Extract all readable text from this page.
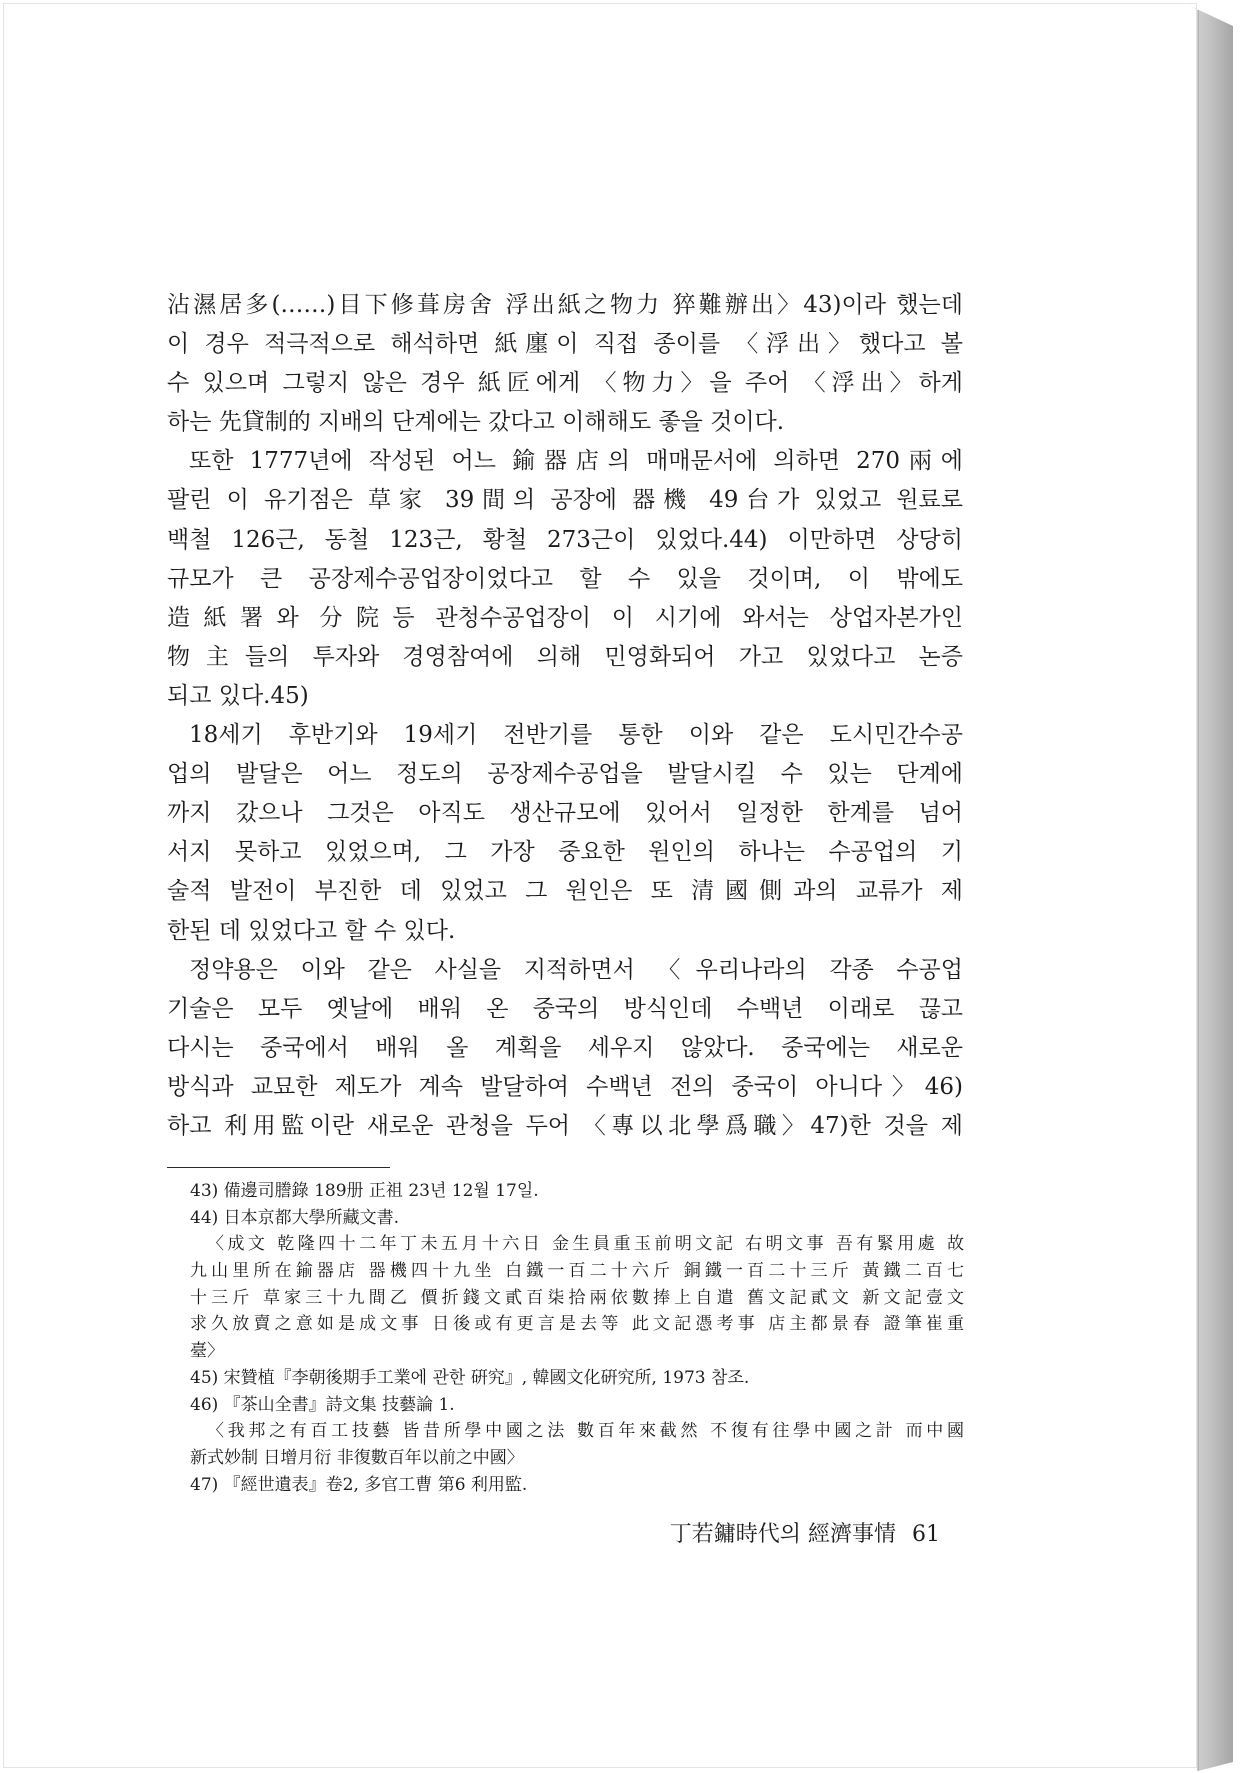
沾濕居多(……)目下修葺房舍 浮出紙之物力 猝難辦出〉43)이라 했는데
이 경우 적극적으로 해석하면 紙廛이 직접 종이를 〈浮出〉했다고 볼
수 있으며 그렇지 않은 경우 紙匠에게 〈物力〉을 주어 〈浮出〉하게
하는 先貸制的 지배의 단계에는 갔다고 이해해도 좋을 것이다.
또한 1777년에 작성된 어느 鍮器店의 매매문서에 의하면 270兩에
팔린 이 유기점은 草家 39間의 공장에 器機 49台가 있었고 원료로
백철 126근, 동철 123근, 황철 273근이 있었다.44) 이만하면 상당히
규모가 큰 공장제수공업장이었다고 할 수 있을 것이며, 이 밖에도
造紙署와 分院등 관청수공업장이 이 시기에 와서는 상업자본가인
物主들의 투자와 경영참여에 의해 민영화되어 가고 있었다고 논증
되고 있다.45)
18세기 후반기와 19세기 전반기를 통한 이와 같은 도시민간수공
업의 발달은 어느 정도의 공장제수공업을 발달시킬 수 있는 단계에
까지 갔으나 그것은 아직도 생산규모에 있어서 일정한 한계를 넘어
서지 못하고 있었으며, 그 가장 중요한 원인의 하나는 수공업의 기
술적 발전이 부진한 데 있었고 그 원인은 또 清國側과의 교류가 제
한된 데 있었다고 할 수 있다.
정약용은 이와 같은 사실을 지적하면서 〈우리나라의 각종 수공업
기술은 모두 옛날에 배워 온 중국의 방식인데 수백년 이래로 끊고
다시는 중국에서 배워 올 계획을 세우지 않았다. 중국에는 새로운
방식과 교묘한 제도가 계속 발달하여 수백년 전의 중국이 아니다〉46)
하고 利用監이란 새로운 관청을 두어 〈專以北學爲職〉47)한 것을 제
43) 備邊司謄錄 189册 正祖 23년 12월 17일.
44) 日本京都大學所藏文書.
〈成文 乾隆四十二年丁未五月十六日 金生員重玉前明文記 右明文事 吾有緊用處 故
九山里所在鍮器店 器機四十九坐 白鐵一百二十六斤 銅鐵一百二十三斤 黃鐵二百七
十三斤 草家三十九間乙 價折錢文貳百柒拾兩依數捧上自遣 舊文記貳文 新文記壹文
求久放賣之意如是成文事 日後或有更言是去等 此文記憑考事 店主都景春 證筆崔重
臺〉
45) 宋贊植『李朝後期手工業에 관한 硏究』, 韓國文化硏究所, 1973 참조.
46) 『茶山全書』詩文集 技藝論 1.
〈我邦之有百工技藝 皆昔所學中國之法 數百年來截然 不復有往學中國之計 而中國
新式妙制 日增月衍 非復數百年以前之中國〉
47) 『經世遺表』卷2, 多官工曹 第6 利用監.
丁若鏞時代의 經濟事情 61
